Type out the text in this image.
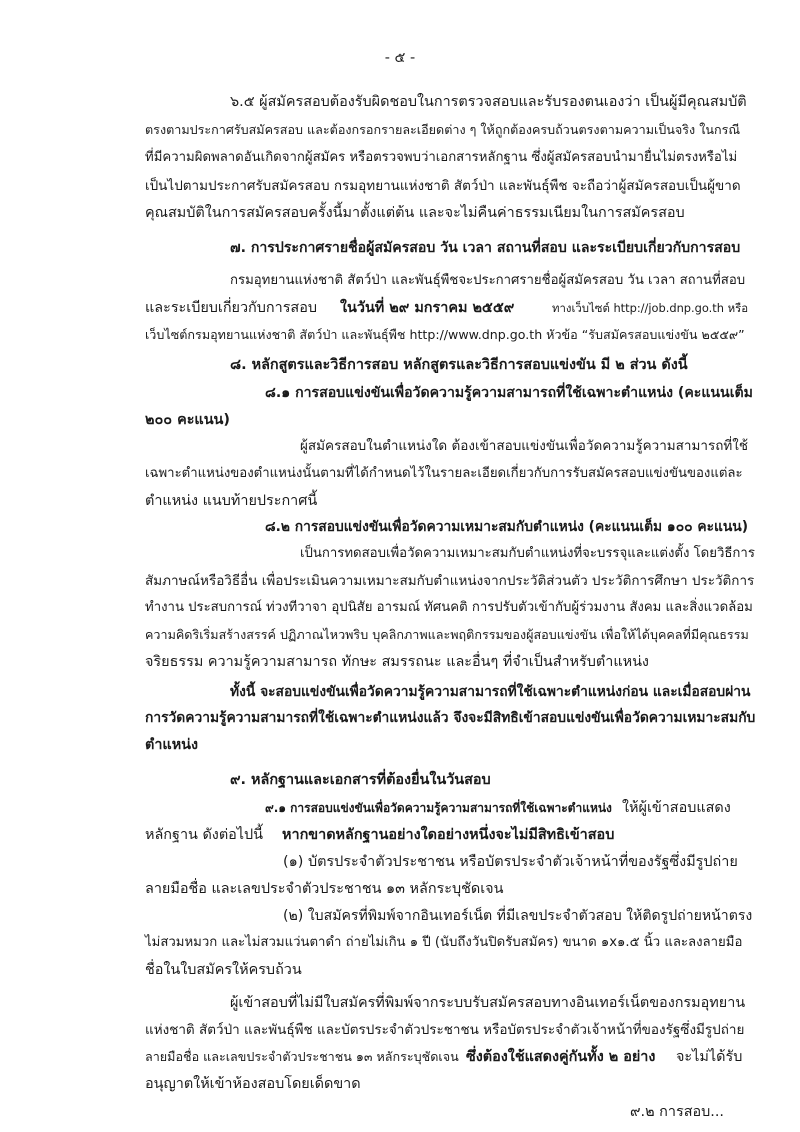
- ๕ -
๖.๕ ผู้สมัครสอบต้องรับผิดชอบในการตรวจสอบและรับรองตนเองว่า เป็นผู้มีคุณสมบัติ
ตรงตามประกาศรับสมัครสอบ และต้องกรอกรายละเอียดต่าง ๆ ให้ถูกต้องครบถ้วนตรงตามความเป็นจริง ในกรณี
ที่มีความผิดพลาดอันเกิดจากผู้สมัคร หรือตรวจพบว่าเอกสารหลักฐาน ซึ่งผู้สมัครสอบนำมายื่นไม่ตรงหรือไม่
เป็นไปตามประกาศรับสมัครสอบ กรมอุทยานแห่งชาติ สัตว์ป่า และพันธุ์พืช จะถือว่าผู้สมัครสอบเป็นผู้ขาด
คุณสมบัติในการสมัครสอบครั้งนี้มาตั้งแต่ต้น และจะไม่คืนค่าธรรมเนียมในการสมัครสอบ
๗. การประกาศรายชื่อผู้สมัครสอบ วัน เวลา สถานที่สอบ และระเบียบเกี่ยวกับการสอบ
กรมอุทยานแห่งชาติ สัตว์ป่า และพันธุ์พืชจะประกาศรายชื่อผู้สมัครสอบ วัน เวลา สถานที่สอบ
และระเบียบเกี่ยวกับการสอบ	ในวันที่ ๒๙ มกราคม ๒๕๕๙	ทางเว็บไซต์ http://job.dnp.go.th หรือ
เว็บไซต์กรมอุทยานแห่งชาติ สัตว์ป่า และพันธุ์พืช http://www.dnp.go.th หัวข้อ “รับสมัครสอบแข่งขัน ๒๕๕๙”
๘. หลักสูตรและวิธีการสอบ หลักสูตรและวิธีการสอบแข่งขัน มี ๒ ส่วน ดังนี้
๘.๑ การสอบแข่งขันเพื่อวัดความรู้ความสามารถที่ใช้เฉพาะตำแหน่ง (คะแนนเต็ม
๒๐๐ คะแนน)
ผู้สมัครสอบในตำแหน่งใด ต้องเข้าสอบแข่งขันเพื่อวัดความรู้ความสามารถที่ใช้
เฉพาะตำแหน่งของตำแหน่งนั้นตามที่ได้กำหนดไว้ในรายละเอียดเกี่ยวกับการรับสมัครสอบแข่งขันของแต่ละ
ตำแหน่ง แนบท้ายประกาศนี้
๘.๒ การสอบแข่งขันเพื่อวัดความเหมาะสมกับตำแหน่ง (คะแนนเต็ม ๑๐๐ คะแนน)
เป็นการทดสอบเพื่อวัดความเหมาะสมกับตำแหน่งที่จะบรรจุและแต่งตั้ง โดยวิธีการ
สัมภาษณ์หรือวิธีอื่น เพื่อประเมินความเหมาะสมกับตำแหน่งจากประวัติส่วนตัว ประวัติการศึกษา ประวัติการ
ทำงาน ประสบการณ์ ท่วงทีวาจา อุปนิสัย อารมณ์ ทัศนคติ การปรับตัวเข้ากับผู้ร่วมงาน สังคม และสิ่งแวดล้อม
ความคิดริเริ่มสร้างสรรค์ ปฏิภาณไหวพริบ บุคลิกภาพและพฤติกรรมของผู้สอบแข่งขัน เพื่อให้ได้บุคคลที่มีคุณธรรม
จริยธรรม ความรู้ความสามารถ ทักษะ สมรรถนะ และอื่นๆ ที่จำเป็นสำหรับตำแหน่ง
ทั้งนี้ จะสอบแข่งขันเพื่อวัดความรู้ความสามารถที่ใช้เฉพาะตำแหน่งก่อน และเมื่อสอบผ่าน
การวัดความรู้ความสามารถที่ใช้เฉพาะตำแหน่งแล้ว จึงจะมีสิทธิเข้าสอบแข่งขันเพื่อวัดความเหมาะสมกับ
ตำแหน่ง
๙. หลักฐานและเอกสารที่ต้องยื่นในวันสอบ
๙.๑ การสอบแข่งขันเพื่อวัดความรู้ความสามารถที่ใช้เฉพาะตำแหน่ง ให้ผู้เข้าสอบแสดง
หลักฐาน ดังต่อไปนี้	หากขาดหลักฐานอย่างใดอย่างหนึ่งจะไม่มีสิทธิเข้าสอบ
(๑) บัตรประจำตัวประชาชน หรือบัตรประจำตัวเจ้าหน้าที่ของรัฐซึ่งมีรูปถ่าย
ลายมือชื่อ และเลขประจำตัวประชาชน ๑๓ หลักระบุชัดเจน
(๒) ใบสมัครที่พิมพ์จากอินเทอร์เน็ต ที่มีเลขประจำตัวสอบ ให้ติดรูปถ่ายหน้าตรง
ไม่สวมหมวก และไม่สวมแว่นตาดำ ถ่ายไม่เกิน ๑ ปี (นับถึงวันปิดรับสมัคร) ขนาด ๑x๑.๕ นิ้ว และลงลายมือ
ชื่อในใบสมัครให้ครบถ้วน
ผู้เข้าสอบที่ไม่มีใบสมัครที่พิมพ์จากระบบรับสมัครสอบทางอินเทอร์เน็ตของกรมอุทยาน
แห่งชาติ สัตว์ป่า และพันธุ์พืช และบัตรประจำตัวประชาชน หรือบัตรประจำตัวเจ้าหน้าที่ของรัฐซึ่งมีรูปถ่าย
ลายมือชื่อ และเลขประจำตัวประชาชน ๑๓ หลักระบุชัดเจน ซึ่งต้องใช้แสดงคู่กันทั้ง ๒ อย่าง	จะไม่ได้รับ
อนุญาตให้เข้าห้องสอบโดยเด็ดขาด
๙.๒ การสอบ...
